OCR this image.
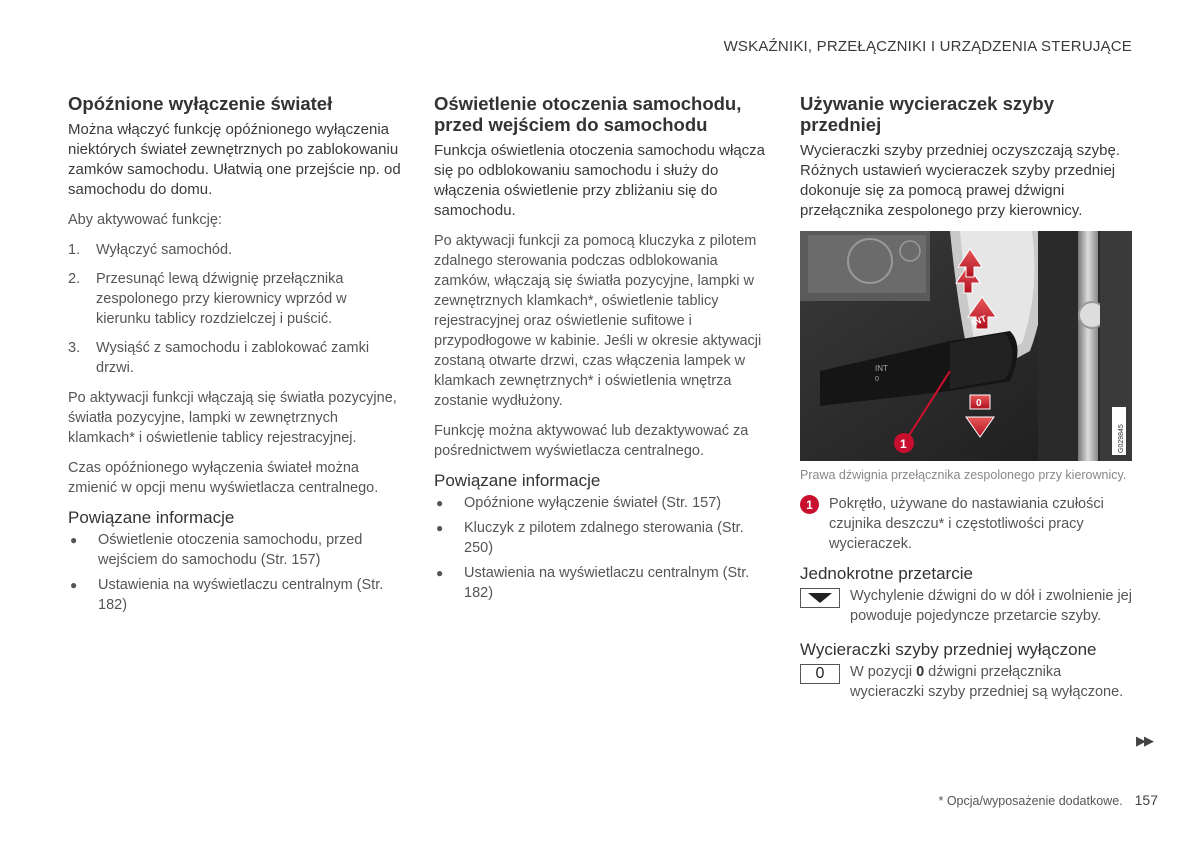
WSKAŹNIKI, PRZEŁĄCZNIKI I URZĄDZENIA STERUJĄCE
Opóźnione wyłączenie świateł

Można włączyć funkcję opóźnionego wyłączenia niektórych świateł zewnętrznych po zablokowaniu zamków samochodu. Ułatwią one przejście np. od samochodu do domu.

Aby aktywować funkcję:

1.	Wyłączyć samochód.
2.	Przesunąć lewą dźwignię przełącznika zespolonego przy kierownicy wprzód w kierunku tablicy rozdzielczej i puścić.
3.	Wysiąść z samochodu i zablokować zamki drzwi.

Po aktywacji funkcji włączają się światła pozycyjne, światła pozycyjne, lampki w zewnętrznych klamkach* i oświetlenie tablicy rejestracyjnej.

Czas opóźnionego wyłączenia świateł można zmienić w opcji menu wyświetlacza centralnego.

Powiązane informacje
●	Oświetlenie otoczenia samochodu, przed wejściem do samochodu (Str. 157)
●	Ustawienia na wyświetlaczu centralnym (Str. 182)
Oświetlenie otoczenia samochodu, przed wejściem do samochodu

Funkcja oświetlenia otoczenia samochodu włącza się po odblokowaniu samochodu i służy do włączenia oświetlenie przy zbliżaniu się do samochodu.

Po aktywacji funkcji za pomocą kluczyka z pilotem zdalnego sterowania podczas odblokowania zamków, włączają się światła pozycyjne, lampki w zewnętrznych klamkach*, oświetlenie tablicy rejestracyjnej oraz oświetlenie sufitowe i przypodłogowe w kabinie. Jeśli w okresie aktywacji zostaną otwarte drzwi, czas włączenia lampek w klamkach zewnętrznych* i oświetlenia wnętrza zostanie wydłużony.

Funkcję można aktywować lub dezaktywować za pośrednictwem wyświetlacza centralnego.

Powiązane informacje
●	Opóźnione wyłączenie świateł (Str. 157)
●	Kluczyk z pilotem zdalnego sterowania (Str. 250)
●	Ustawienia na wyświetlaczu centralnym (Str. 182)
Używanie wycieraczek szyby przedniej

Wycieraczki szyby przedniej oczyszczają szybę. Różnych ustawień wycieraczek szyby przedniej dokonuje się za pomocą prawej dźwigni przełącznika zespolonego przy kierownicy.

INT
0
INT
0
1	G029845

Prawa dźwignia przełącznika zespolonego przy kierownicy.

1	Pokrętło, używane do nastawiania czułości czujnika deszczu* i częstotliwości pracy wycieraczek.
Jednokrotne przetarcie
Wychylenie dźwigni do w dół i zwolnienie jej powoduje pojedyncze przetarcie szyby.
Wycieraczki szyby przedniej wyłączone
0	W pozycji 0 dźwigni przełącznika wycieraczki szyby przedniej są wyłączone.
▶▶
* Opcja/wyposażenie dodatkowe. 157
